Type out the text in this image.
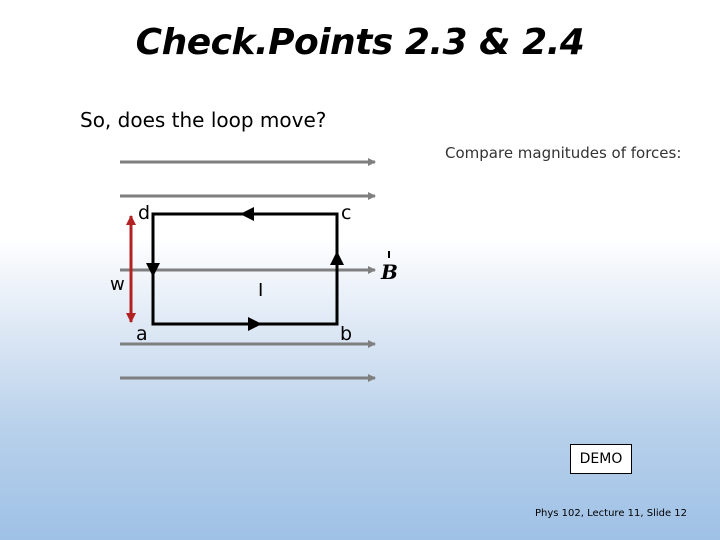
Check.Points 2.3 & 2.4
So, does the loop move?
Compare magnitudes of forces:
d	c
a	b
w	I
B
DEMO
Phys 102, Lecture 11, Slide 12
